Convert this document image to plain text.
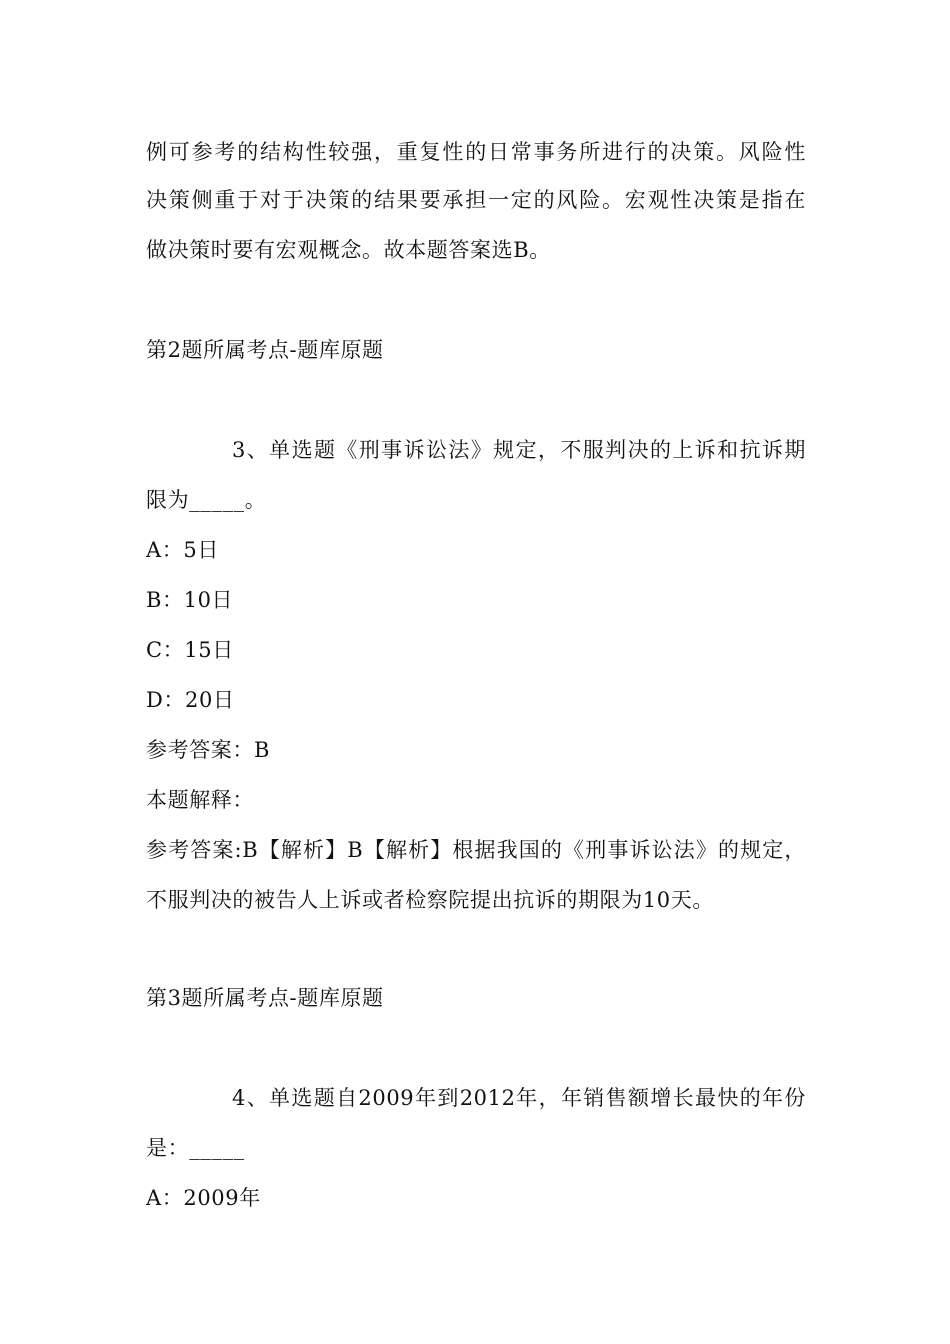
例可参考的结构性较强，重复性的日常事务所进行的决策。风险性
决策侧重于对于决策的结果要承担一定的风险。宏观性决策是指在
做决策时要有宏观概念。故本题答案选B。
第2题所属考点-题库原题
3、单选题《刑事诉讼法》规定，不服判决的上诉和抗诉期
限为_____。
A：5日
B：10日
C：15日
D：20日
参考答案：B
本题解释：
参考答案:B【解析】B【解析】根据我国的《刑事诉讼法》的规定，
不服判决的被告人上诉或者检察院提出抗诉的期限为10天。
第3题所属考点-题库原题
4、单选题自2009年到2012年，年销售额增长最快的年份
是：_____
A：2009年
